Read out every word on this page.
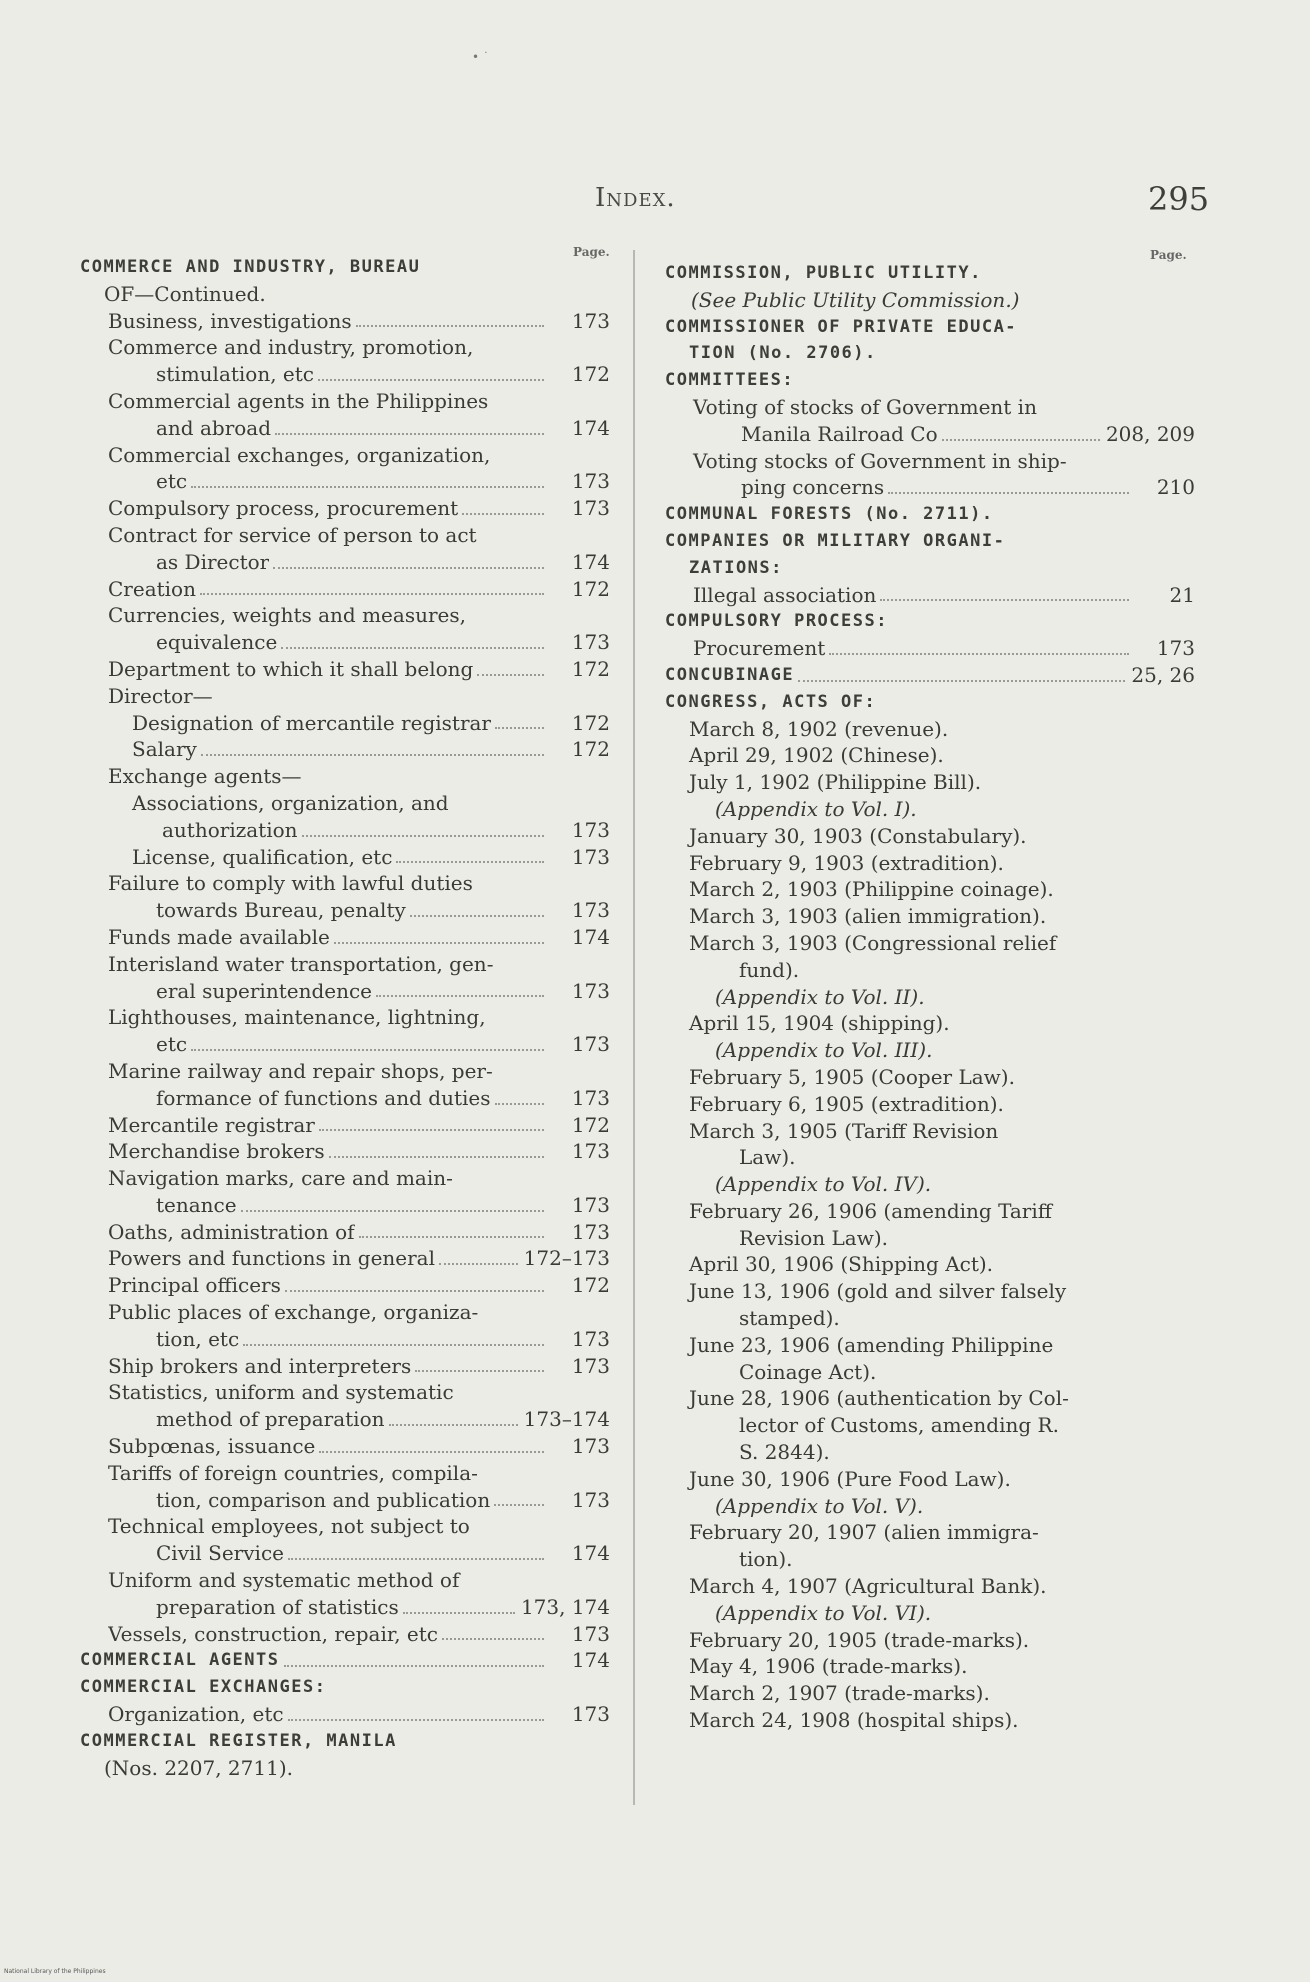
• ˙
Index.	295
Page.	Page.
COMMERCE AND INDUSTRY, BUREAU
OF—Continued.
Business, investigations	173
Commerce and industry, promotion,
stimulation, etc	172
Commercial agents in the Philippines
and abroad	174
Commercial exchanges, organization,
etc	173
Compulsory process, procurement	173
Contract for service of person to act
as Director	174
Creation	172
Currencies, weights and measures,
equivalence	173
Department to which it shall belong	172
Director—
Designation of mercantile registrar	172
Salary	172
Exchange agents—
Associations, organization, and
authorization	173
License, qualification, etc	173
Failure to comply with lawful duties
towards Bureau, penalty	173
Funds made available	174
Interisland water transportation, gen-
eral superintendence	173
Lighthouses, maintenance, lightning,
etc	173
Marine railway and repair shops, per-
formance of functions and duties	173
Mercantile registrar	172
Merchandise brokers	173
Navigation marks, care and main-
tenance	173
Oaths, administration of	173
Powers and functions in general	172–173
Principal officers	172
Public places of exchange, organiza-
tion, etc	173
Ship brokers and interpreters	173
Statistics, uniform and systematic
method of preparation	173–174
Subpœnas, issuance	173
Tariffs of foreign countries, compila-
tion, comparison and publication	173
Technical employees, not subject to
Civil Service	174
Uniform and systematic method of
preparation of statistics	173, 174
Vessels, construction, repair, etc	173
COMMERCIAL AGENTS	174
COMMERCIAL EXCHANGES:
Organization, etc	173
COMMERCIAL REGISTER, MANILA
(Nos. 2207, 2711).
COMMISSION, PUBLIC UTILITY.
(See Public Utility Commission.)
COMMISSIONER OF PRIVATE EDUCA-
TION (No. 2706).
COMMITTEES:
Voting of stocks of Government in
Manila Railroad Co	208, 209
Voting stocks of Government in ship-
ping concerns	210
COMMUNAL FORESTS (No. 2711).
COMPANIES OR MILITARY ORGANI-
ZATIONS:
Illegal association	21
COMPULSORY PROCESS:
Procurement	173
CONCUBINAGE	25, 26
CONGRESS, ACTS OF:
March 8, 1902 (revenue).
April 29, 1902 (Chinese).
July 1, 1902 (Philippine Bill).
(Appendix to Vol. I).
January 30, 1903 (Constabulary).
February 9, 1903 (extradition).
March 2, 1903 (Philippine coinage).
March 3, 1903 (alien immigration).
March 3, 1903 (Congressional relief
fund).
(Appendix to Vol. II).
April 15, 1904 (shipping).
(Appendix to Vol. III).
February 5, 1905 (Cooper Law).
February 6, 1905 (extradition).
March 3, 1905 (Tariff Revision
Law).
(Appendix to Vol. IV).
February 26, 1906 (amending Tariff
Revision Law).
April 30, 1906 (Shipping Act).
June 13, 1906 (gold and silver falsely
stamped).
June 23, 1906 (amending Philippine
Coinage Act).
June 28, 1906 (authentication by Col-
lector of Customs, amending R.
S. 2844).
June 30, 1906 (Pure Food Law).
(Appendix to Vol. V).
February 20, 1907 (alien immigra-
tion).
March 4, 1907 (Agricultural Bank).
(Appendix to Vol. VI).
February 20, 1905 (trade-marks).
May 4, 1906 (trade-marks).
March 2, 1907 (trade-marks).
March 24, 1908 (hospital ships).
National Library of the Philippines
